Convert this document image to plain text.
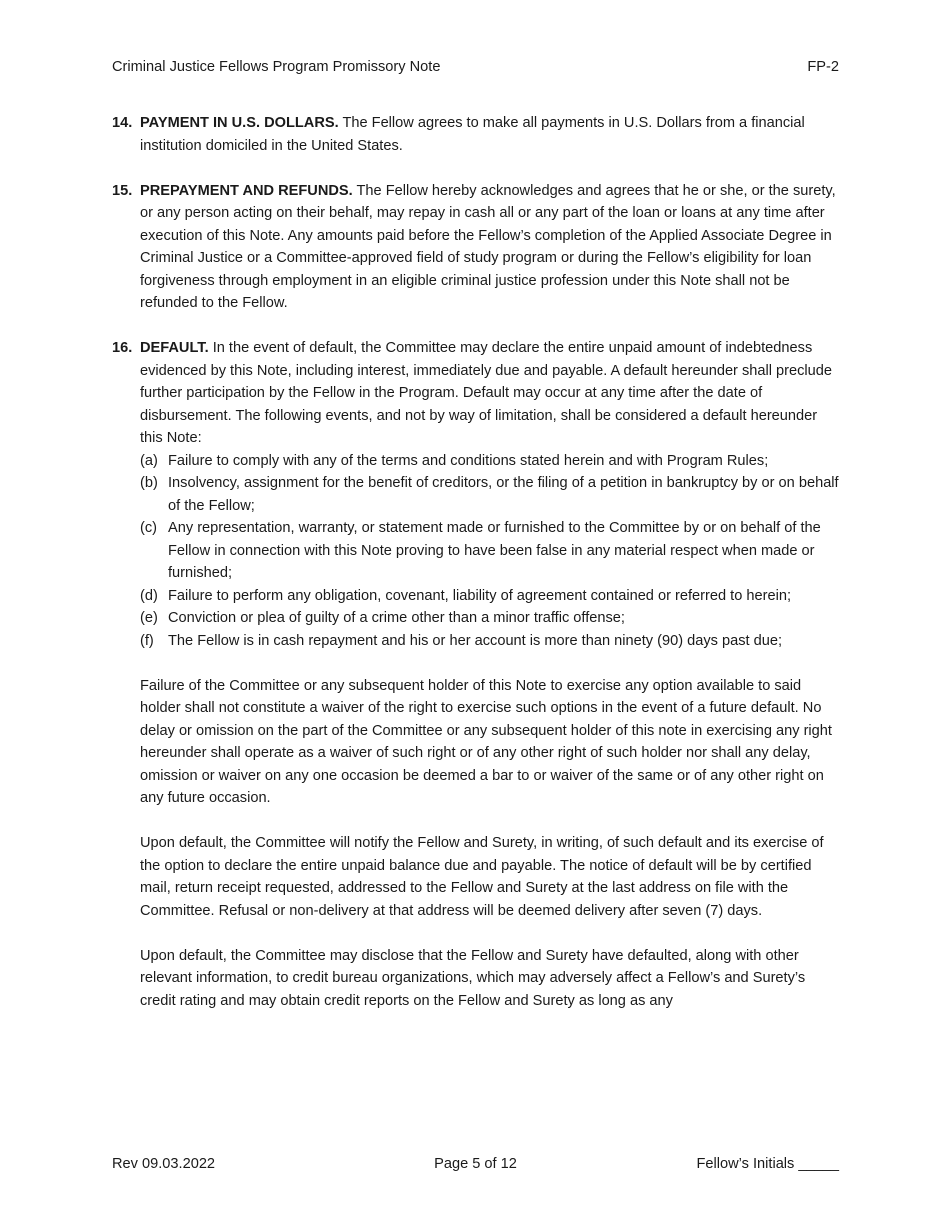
Criminal Justice Fellows Program Promissory Note	FP-2
14. PAYMENT IN U.S. DOLLARS. The Fellow agrees to make all payments in U.S. Dollars from a financial institution domiciled in the United States.
15. PREPAYMENT AND REFUNDS. The Fellow hereby acknowledges and agrees that he or she, or the surety, or any person acting on their behalf, may repay in cash all or any part of the loan or loans at any time after execution of this Note. Any amounts paid before the Fellow’s completion of the Applied Associate Degree in Criminal Justice or a Committee-approved field of study program or during the Fellow’s eligibility for loan forgiveness through employment in an eligible criminal justice profession under this Note shall not be refunded to the Fellow.
16. DEFAULT. In the event of default, the Committee may declare the entire unpaid amount of indebtedness evidenced by this Note, including interest, immediately due and payable. A default hereunder shall preclude further participation by the Fellow in the Program. Default may occur at any time after the date of disbursement. The following events, and not by way of limitation, shall be considered a default hereunder this Note:
(a) Failure to comply with any of the terms and conditions stated herein and with Program Rules;
(b) Insolvency, assignment for the benefit of creditors, or the filing of a petition in bankruptcy by or on behalf of the Fellow;
(c) Any representation, warranty, or statement made or furnished to the Committee by or on behalf of the Fellow in connection with this Note proving to have been false in any material respect when made or furnished;
(d) Failure to perform any obligation, covenant, liability of agreement contained or referred to herein;
(e) Conviction or plea of guilty of a crime other than a minor traffic offense;
(f) The Fellow is in cash repayment and his or her account is more than ninety (90) days past due;

Failure of the Committee or any subsequent holder of this Note to exercise any option available to said holder shall not constitute a waiver of the right to exercise such options in the event of a future default. No delay or omission on the part of the Committee or any subsequent holder of this note in exercising any right hereunder shall operate as a waiver of such right or of any other right of such holder nor shall any delay, omission or waiver on any one occasion be deemed a bar to or waiver of the same or of any other right on any future occasion.

Upon default, the Committee will notify the Fellow and Surety, in writing, of such default and its exercise of the option to declare the entire unpaid balance due and payable. The notice of default will be by certified mail, return receipt requested, addressed to the Fellow and Surety at the last address on file with the Committee. Refusal or non-delivery at that address will be deemed delivery after seven (7) days.

Upon default, the Committee may disclose that the Fellow and Surety have defaulted, along with other relevant information, to credit bureau organizations, which may adversely affect a Fellow’s and Surety’s credit rating and may obtain credit reports on the Fellow and Surety as long as any

Rev 09.03.2022	Page 5 of 12	Fellow’s Initials _____
